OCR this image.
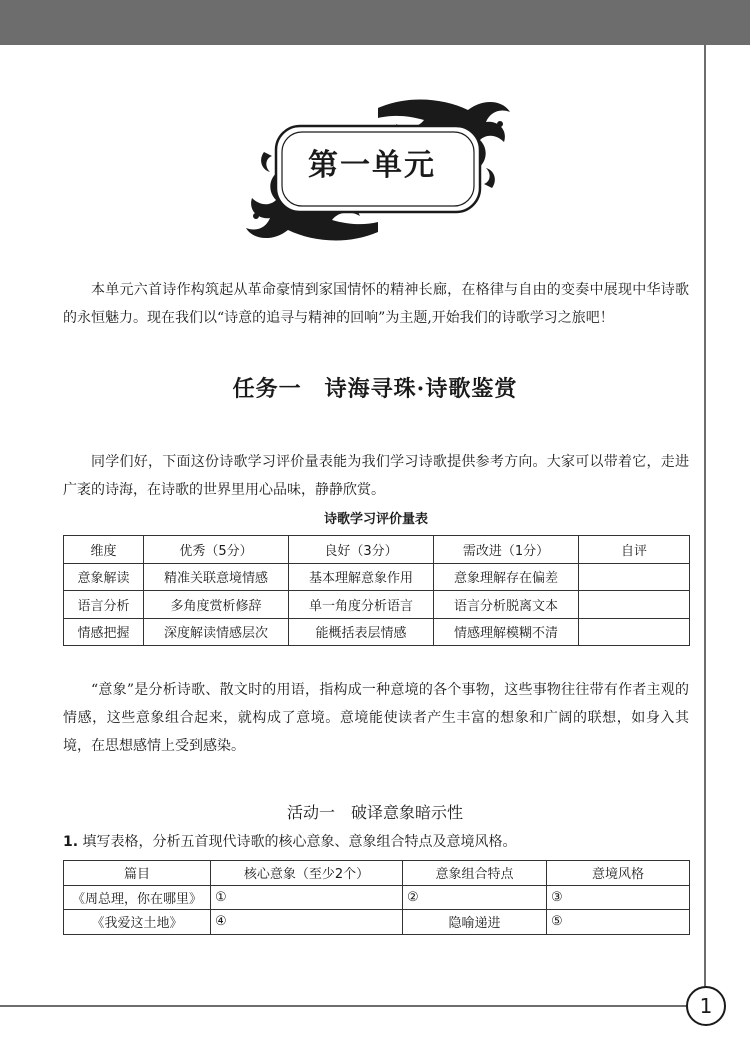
第一单元

本单元六首诗作构筑起从革命豪情到家国情怀的精神长廊，在格律与自由的变奏中展现中华诗歌的永恒魅力。现在我们以“诗意的追寻与精神的回响”为主题,开始我们的诗歌学习之旅吧！

任务一　诗海寻珠·诗歌鉴赏

同学们好，下面这份诗歌学习评价量表能为我们学习诗歌提供参考方向。大家可以带着它，走进广袤的诗海，在诗歌的世界里用心品味，静静欣赏。

诗歌学习评价量表
维度	优秀（5分）	良好（3分）	需改进（1分）	自评
意象解读	精准关联意境情感	基本理解意象作用	意象理解存在偏差	
语言分析	多角度赏析修辞	单一角度分析语言	语言分析脱离文本	
情感把握	深度解读情感层次	能概括表层情感	情感理解模糊不清	

“意象”是分析诗歌、散文时的用语，指构成一种意境的各个事物，这些事物往往带有作者主观的情感，这些意象组合起来，就构成了意境。意境能使读者产生丰富的想象和广阔的联想，如身入其境，在思想感情上受到感染。

活动一　破译意象暗示性

1. 填写表格，分析五首现代诗歌的核心意象、意象组合特点及意境风格。

篇目	核心意象（至少2个）	意象组合特点	意境风格
《周总理，你在哪里》	①	②	③
《我爱这土地》	④	隐喻递进	⑤
1
